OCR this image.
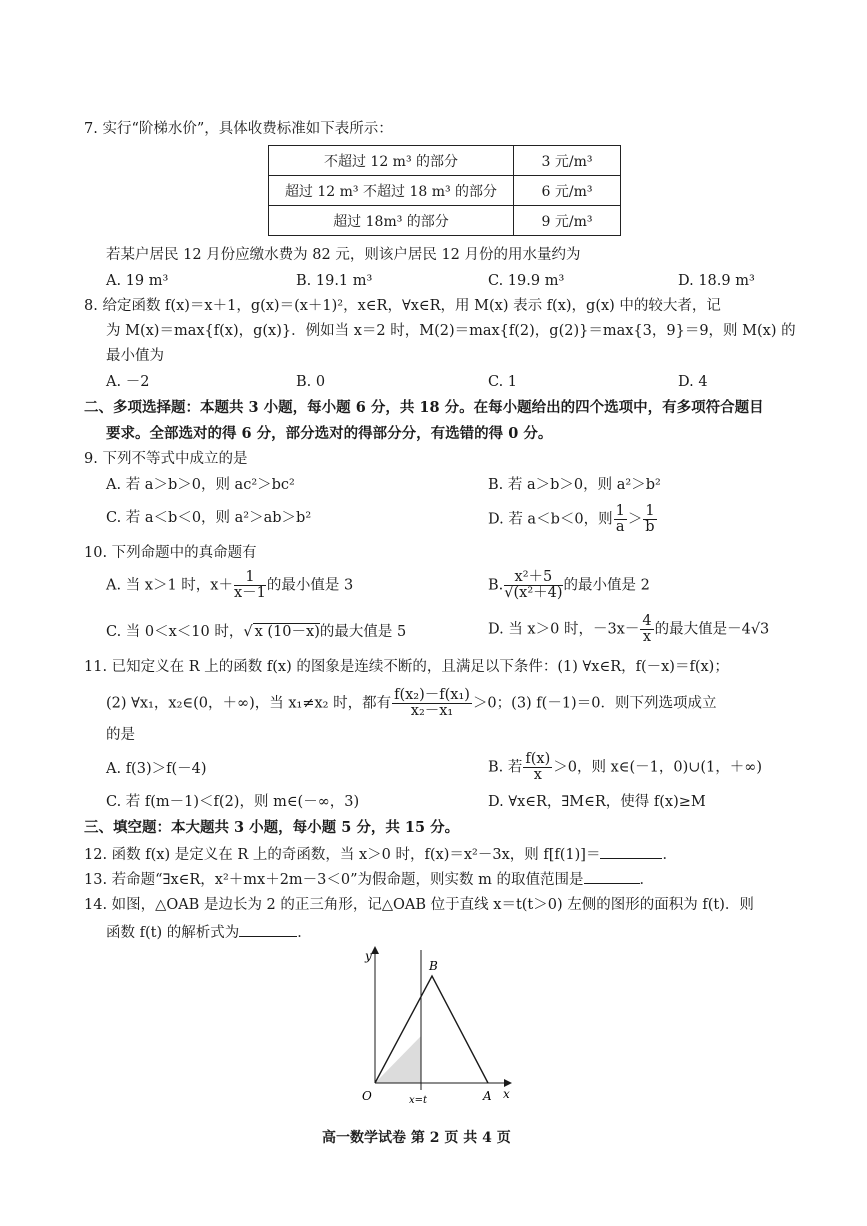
7. 实行“阶梯水价”，具体收费标准如下表所示：
不超过 12 m³ 的部分	3 元/m³
超过 12 m³ 不超过 18 m³ 的部分	6 元/m³
超过 18m³ 的部分	9 元/m³
若某户居民 12 月份应缴水费为 82 元，则该户居民 12 月份的用水量约为
A. 19 m³	B. 19.1 m³	C. 19.9 m³	D. 18.9 m³
8. 给定函数 f(x)＝x＋1，g(x)＝(x＋1)²，x∈R，∀x∈R，用 M(x) 表示 f(x)，g(x) 中的较大者，记
为 M(x)＝max{f(x)，g(x)}．例如当 x＝2 时，M(2)＝max{f(2)，g(2)}＝max{3，9}＝9，则 M(x) 的
最小值为
A. －2	B. 0	C. 1	D. 4
二、多项选择题：本题共 3 小题，每小题 6 分，共 18 分。在每小题给出的四个选项中，有多项符合题目
要求。全部选对的得 6 分，部分选对的得部分分，有选错的得 0 分。
9. 下列不等式中成立的是
A. 若 a＞b＞0，则 ac²＞bc²	B. 若 a＞b＞0，则 a²＞b²
C. 若 a＜b＜0，则 a²＞ab＞b²	D. 若 a＜b＜0，则 $\frac{1}{a} > \frac{1}{b}$
10. 下列命题中的真命题有
A. 当 x＞1 时，$x+ \frac{1}{x-1}$ 的最小值是 3	B. $\frac{\text{x²＋5}}{\text{√(x²＋4)}}$ 的最小值是 2
C. 当 0＜x＜10 时，√ x (10－x)的最大值是 5	D. 当 x＞0 时，$-3x- \frac{4}{x}$ 的最大值是－4√3
11. 已知定义在 R 上的函数 f(x) 的图象是连续不断的，且满足以下条件：(1) ∀x∈R，f(－x)＝f(x)；
(2) ∀x₁，x₂∈(0，＋∞)，当 x₁≠x₂ 时，都有 $\frac{\text{f(x₂)－f(x₁)}}{\text{x₂－x₁}} >0$；(3) f(－1)＝0．则下列选项成立
的是
A. f(3)＞f(－4)	B. 若 $\frac{f(x)}{x} >0$，则 x∈(－1，0)∪(1，＋∞)
C. 若 f(m－1)＜f(2)，则 m∈(－∞，3)	D. ∀x∈R，∃M∈R，使得 f(x)≥M
三、填空题：本大题共 3 小题，每小题 5 分，共 15 分。
12. 函数 f(x) 是定义在 R 上的奇函数，当 x＞0 时，f(x)＝x²－3x，则 f[f(1)]＝	．
13. 若命题“∃x∈R，x²＋mx＋2m－3＜0”为假命题，则实数 m 的取值范围是	．
14. 如图，△OAB 是边长为 2 的正三角形，记△OAB 位于直线 x＝t(t＞0) 左侧的图形的面积为 f(t)．则
函数 f(t) 的解析式为	．
y
x
O	A
B
x=t
高一数学试卷 第 2 页 共 4 页
